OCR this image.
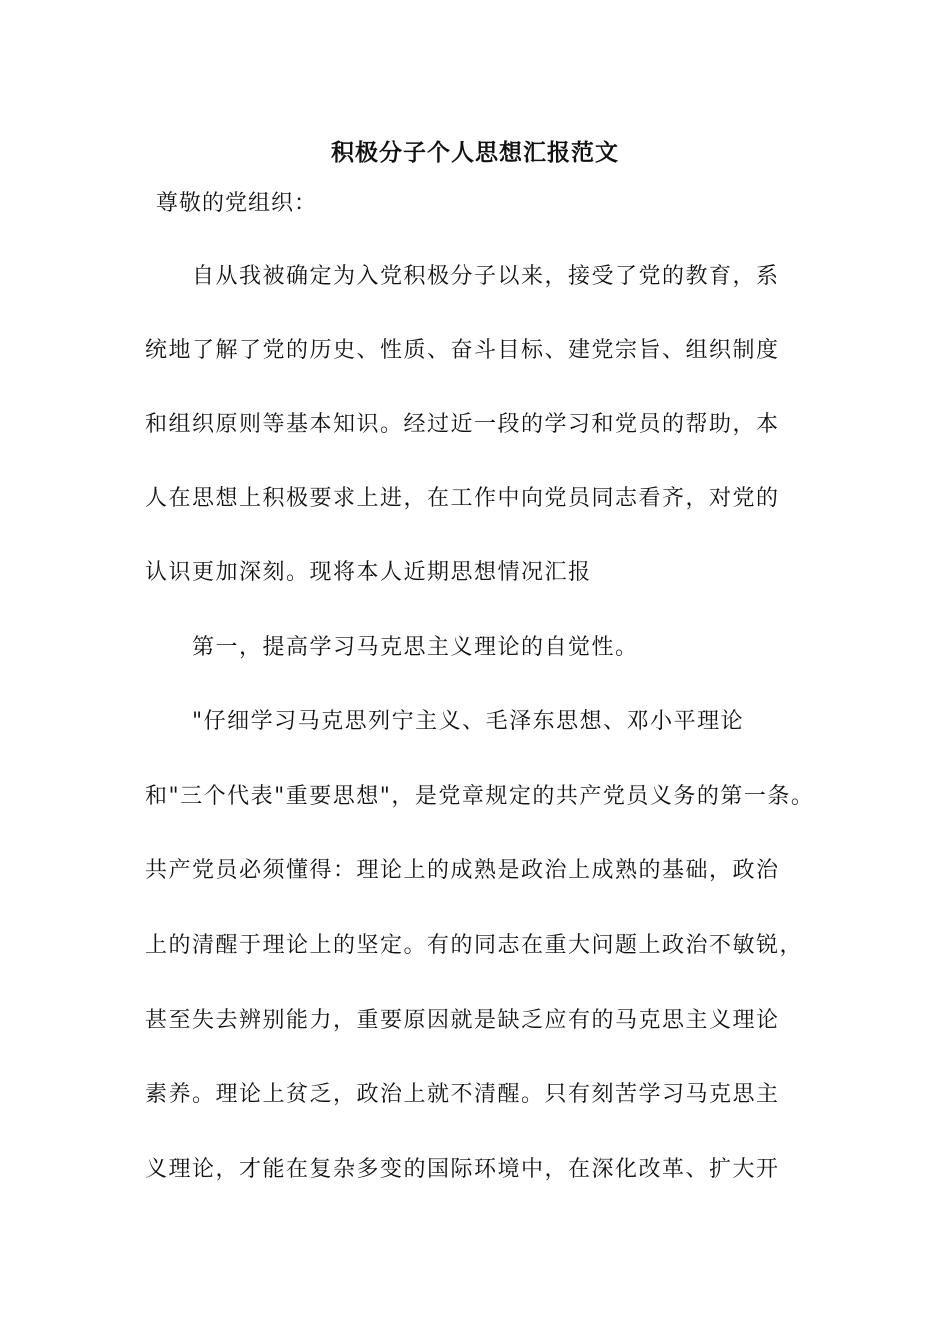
积极分子个人思想汇报范文

尊敬的党组织：

自从我被确定为入党积极分子以来，接受了党的教育，系

统地了解了党的历史、性质、奋斗目标、建党宗旨、组织制度

和组织原则等基本知识。经过近一段的学习和党员的帮助，本

人在思想上积极要求上进，在工作中向党员同志看齐，对党的

认识更加深刻。现将本人近期思想情况汇报

第一，提高学习马克思主义理论的自觉性。

"仔细学习马克思列宁主义、毛泽东思想、邓小平理论

和"三个代表"重要思想"，是党章规定的共产党员义务的第一条。

共产党员必须懂得：理论上的成熟是政治上成熟的基础，政治

上的清醒于理论上的坚定。有的同志在重大问题上政治不敏锐，

甚至失去辨别能力，重要原因就是缺乏应有的马克思主义理论

素养。理论上贫乏，政治上就不清醒。只有刻苦学习马克思主

义理论，才能在复杂多变的国际环境中，在深化改革、扩大开
